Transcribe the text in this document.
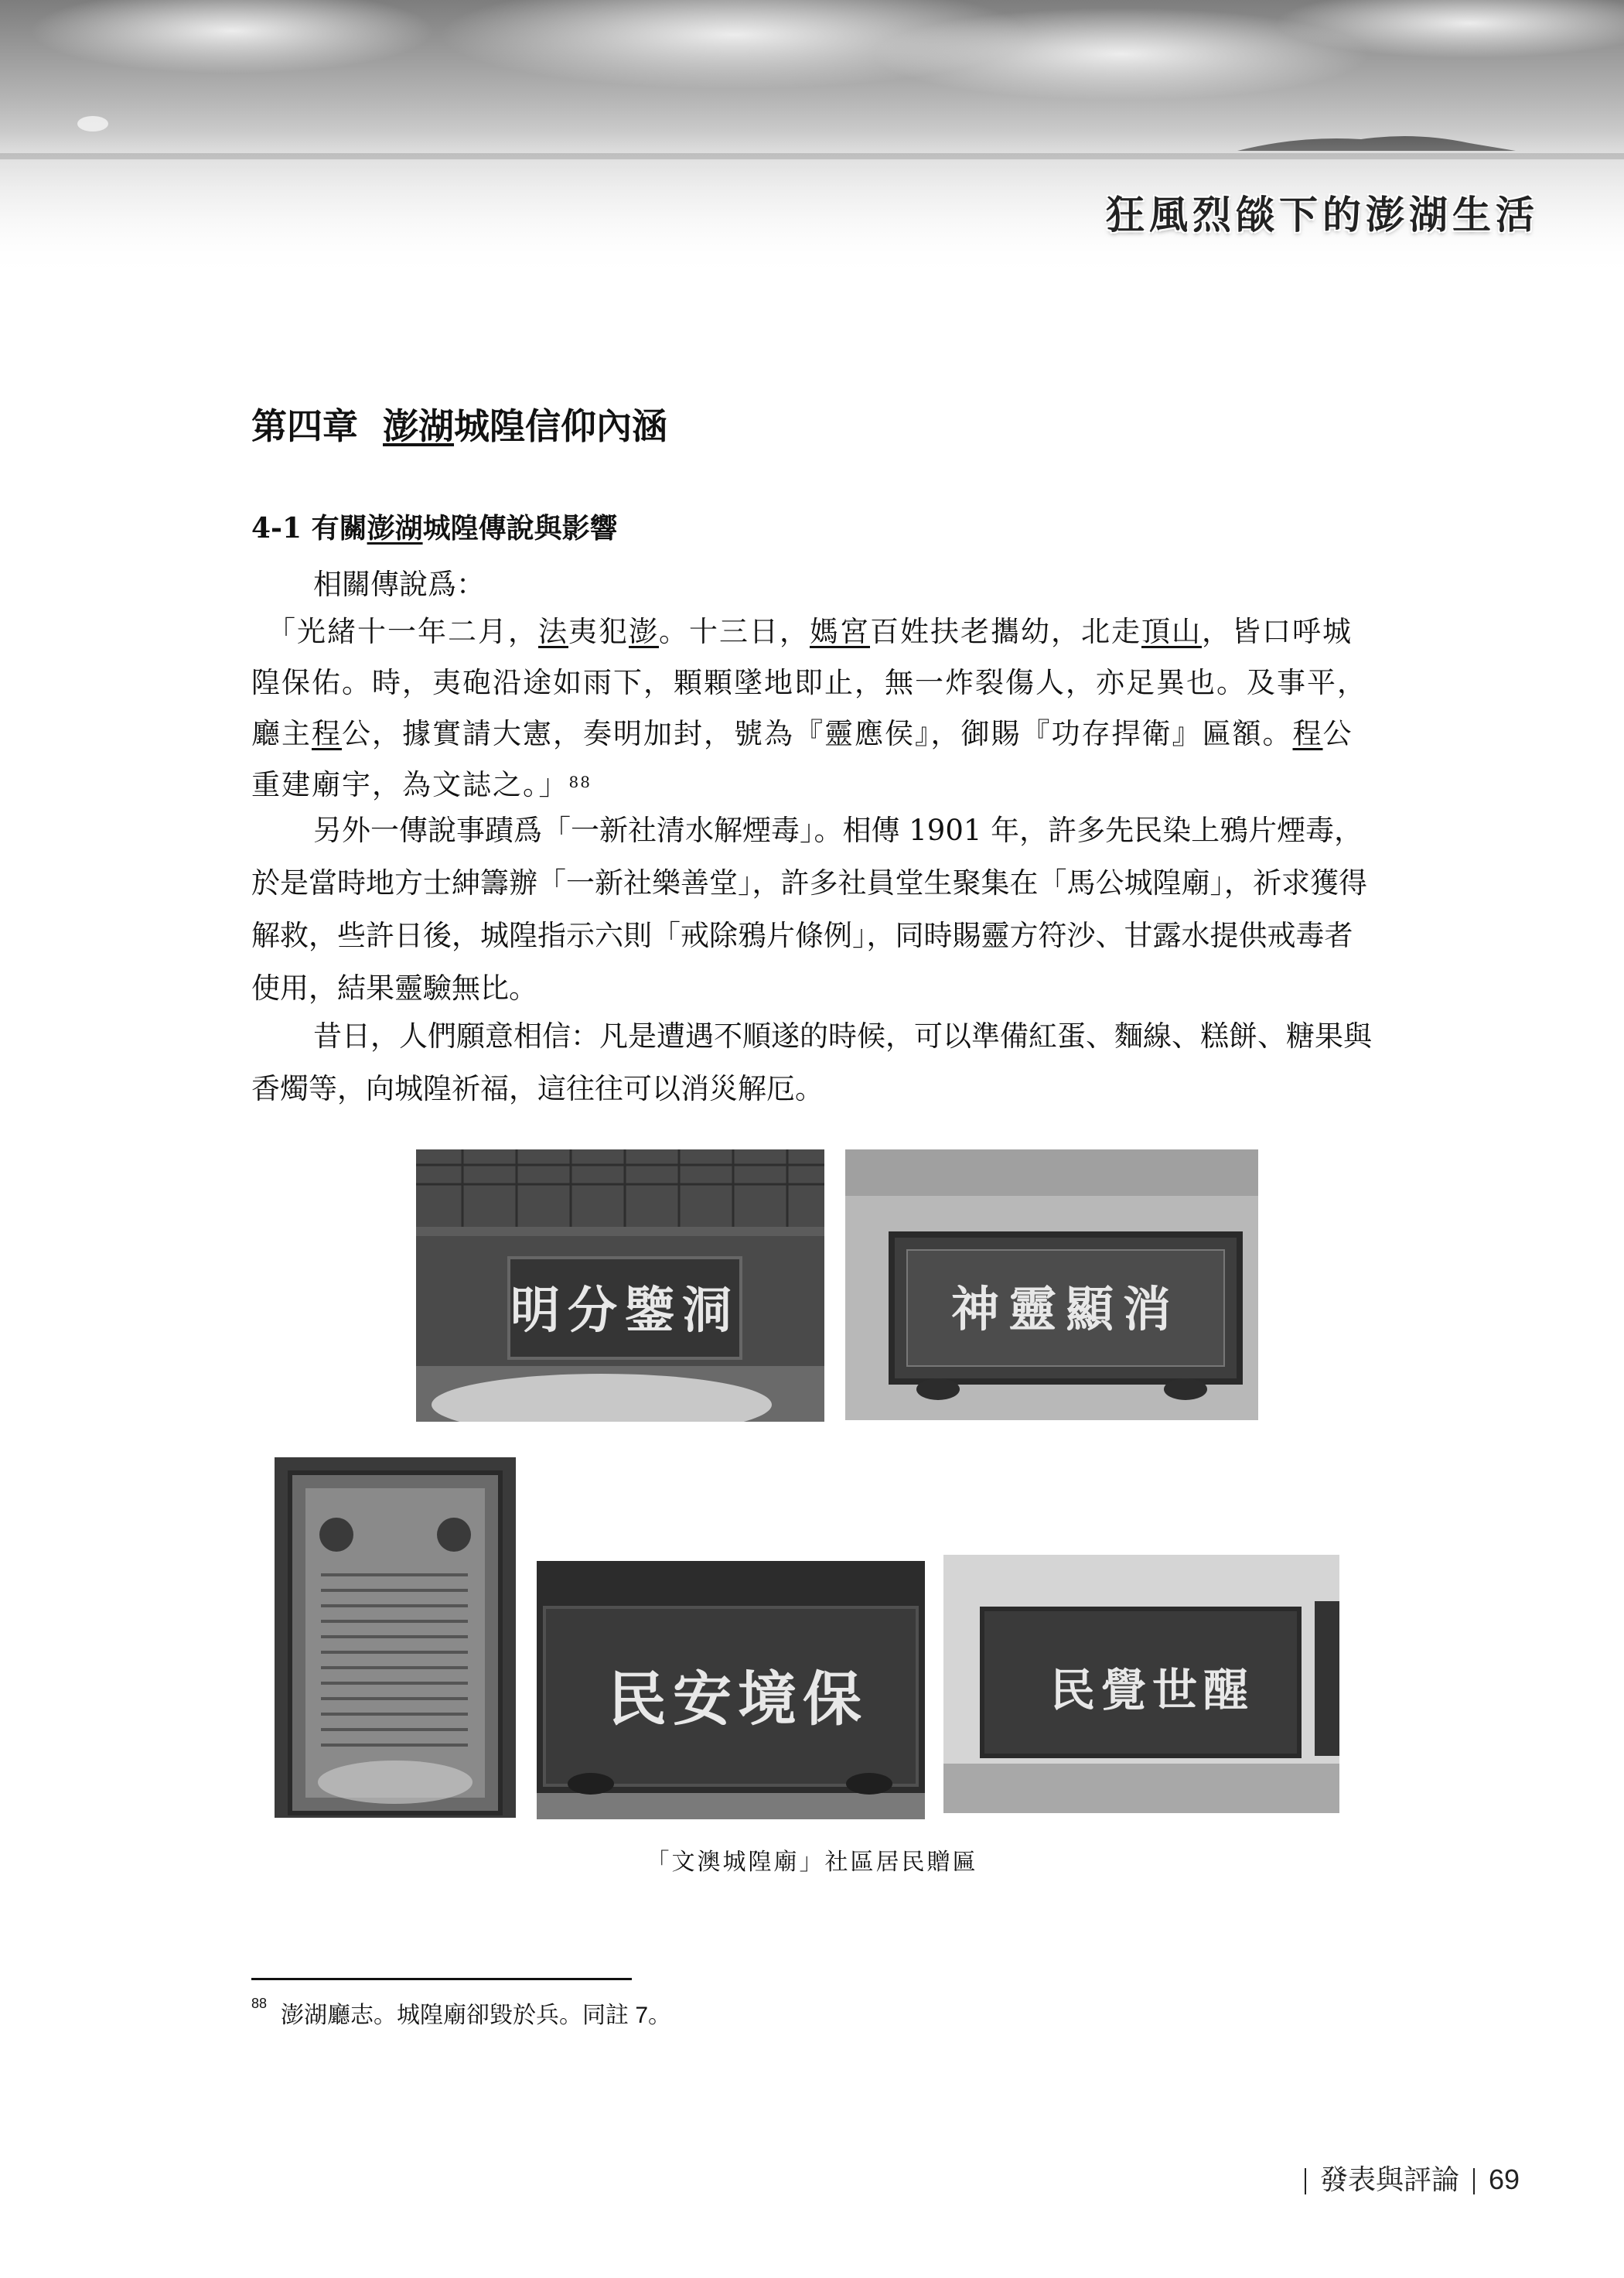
狂風烈燄下的澎湖生活
第四章 澎湖城隍信仰內涵
4-1 有關澎湖城隍傳說與影響
相關傳說爲：
「光緒十一年二月，法夷犯澎。十三日，媽宮百姓扶老攜幼，北走頂山，皆口呼城隍保佑。時，夷砲沿途如雨下，顆顆墜地即止，無一炸裂傷人，亦足異也。及事平，廳主程公，據實請大憲，奏明加封，號為『靈應侯』，御賜『功存捍衛』匾額。程公重建廟宇，為文誌之。」$^{88}$
另外一傳說事蹟爲「一新社清水解煙毒」。相傳 1901 年，許多先民染上鴉片煙毒，於是當時地方士紳籌辦「一新社樂善堂」，許多社員堂生聚集在「馬公城隍廟」，祈求獲得解救，些許日後，城隍指示六則「戒除鴉片條例」，同時賜靈方符沙、甘露水提供戒毒者使用，結果靈驗無比。
昔日，人們願意相信：凡是遭遇不順遂的時候，可以準備紅蛋、麵線、糕餅、糖果與香燭等，向城隍祈福，這往往可以消災解厄。
明分鑒洞	神靈顯消
民安境保	民覺世醒
「文澳城隍廟」社區居民贈匾
$^{88}$ 澎湖廳志。城隍廟卻毀於兵。同註 7。
發表與評論 69
